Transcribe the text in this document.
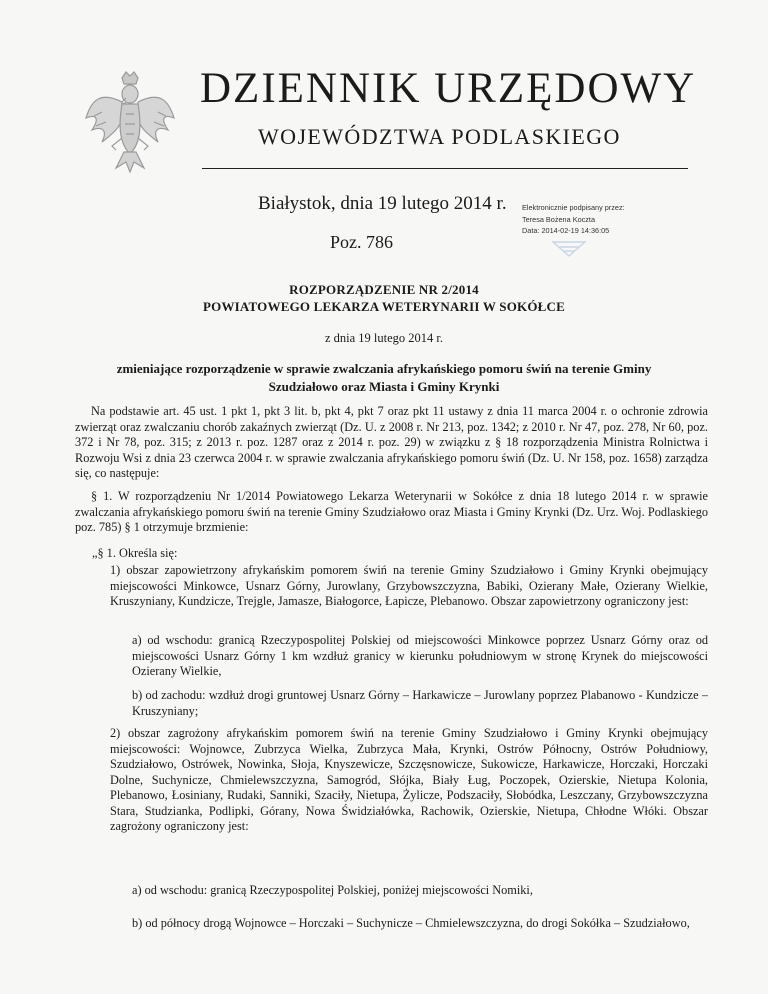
DZIENNIK URZĘDOWY
WOJEWÓDZTWA PODLASKIEGO
Białystok, dnia 19 lutego 2014 r.
Poz. 786
Elektronicznie podpisany przez:
Teresa Bożena Koczta
Data: 2014-02-19 14:36:05
ROZPORZĄDZENIE NR 2/2014
POWIATOWEGO LEKARZA WETERYNARII W SOKÓŁCE
z dnia 19 lutego 2014 r.
zmieniające rozporządzenie w sprawie zwalczania afrykańskiego pomoru świń na terenie Gminy
Szudziałowo oraz Miasta i Gminy Krynki
Na podstawie art. 45 ust. 1 pkt 1, pkt 3 lit. b, pkt 4, pkt 7 oraz pkt 11 ustawy z dnia 11 marca 2004 r. o ochronie zdrowia zwierząt oraz zwalczaniu chorób zakaźnych zwierząt (Dz. U. z 2008 r. Nr 213, poz. 1342; z 2010 r. Nr 47, poz. 278, Nr 60, poz. 372 i Nr 78, poz. 315; z 2013 r. poz. 1287 oraz z 2014 r. poz. 29) w związku z § 18 rozporządzenia Ministra Rolnictwa i Rozwoju Wsi z dnia 23 czerwca 2004 r. w sprawie zwalczania afrykańskiego pomoru świń (Dz. U. Nr 158, poz. 1658) zarządza się, co następuje:
§ 1. W rozporządzeniu Nr 1/2014 Powiatowego Lekarza Weterynarii w Sokółce z dnia 18 lutego 2014 r. w sprawie zwalczania afrykańskiego pomoru świń na terenie Gminy Szudziałowo oraz Miasta i Gminy Krynki (Dz. Urz. Woj. Podlaskiego poz. 785) § 1 otrzymuje brzmienie:
„§ 1. Określa się:
1) obszar zapowietrzony afrykańskim pomorem świń na terenie Gminy Szudziałowo i Gminy Krynki obejmujący miejscowości Minkowce, Usnarz Górny, Jurowlany, Grzybowszczyzna, Babiki, Ozierany Małe, Ozierany Wielkie, Kruszyniany, Kundzicze, Trejgle, Jamasze, Białogorce, Łapicze, Plebanowo. Obszar zapowietrzony ograniczony jest:
a) od wschodu: granicą Rzeczypospolitej Polskiej od miejscowości Minkowce poprzez Usnarz Górny oraz od miejscowości Usnarz Górny 1 km wzdłuż granicy w kierunku południowym w stronę Krynek do miejscowości Ozierany Wielkie,
b) od zachodu: wzdłuż drogi gruntowej Usnarz Górny – Harkawicze – Jurowlany poprzez Plabanowo - Kundzicze – Kruszyniany;
2) obszar zagrożony afrykańskim pomorem świń na terenie Gminy Szudziałowo i Gminy Krynki obejmujący miejscowości: Wojnowce, Zubrzyca Wielka, Zubrzyca Mała, Krynki, Ostrów Północny, Ostrów Południowy, Szudziałowo, Ostrówek, Nowinka, Słoja, Knyszewicze, Szczęsnowicze, Sukowicze, Harkawicze, Horczaki, Horczaki Dolne, Suchynicze, Chmielewszczyzna, Samogród, Słójka, Biały Ług, Poczopek, Ozierskie, Nietupa Kolonia, Plebanowo, Łosiniany, Rudaki, Sanniki, Szaciły, Nietupa, Żylicze, Podszaciły, Słobódka, Leszczany, Grzybowszczyzna Stara, Studzianka, Podlipki, Górany, Nowa Świdziałówka, Rachowik, Ozierskie, Nietupa, Chłodne Włóki. Obszar zagrożony ograniczony jest:
a) od wschodu: granicą Rzeczypospolitej Polskiej, poniżej miejscowości Nomiki,
b) od północy drogą Wojnowce – Horczaki – Suchynicze – Chmielewszczyzna, do drogi Sokółka – Szudziałowo,
